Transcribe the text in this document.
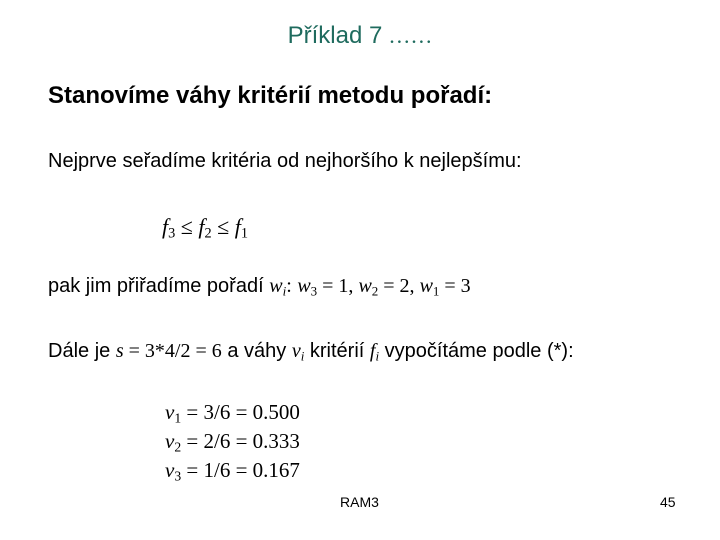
Příklad 7 ……
Stanovíme váhy kritérií metodu pořadí:
Nejprve seřadíme kritéria od nejhoršího k nejlepšímu:
$f_3 \le f_2 \le f_1$
pak jim přiřadíme pořadí $w_i$: $w_3 = 1$, $w_2 = 2$, $w_1 = 3$
Dále je s = 3*4/2 = 6 a váhy $v_i$ kritérií $f_i$ vypočítáme podle (*):
$v_1 = 3/6 = 0.500$
$v_2 = 2/6 = 0.333$
$v_3 = 1/6 = 0.167$
RAM3	45
